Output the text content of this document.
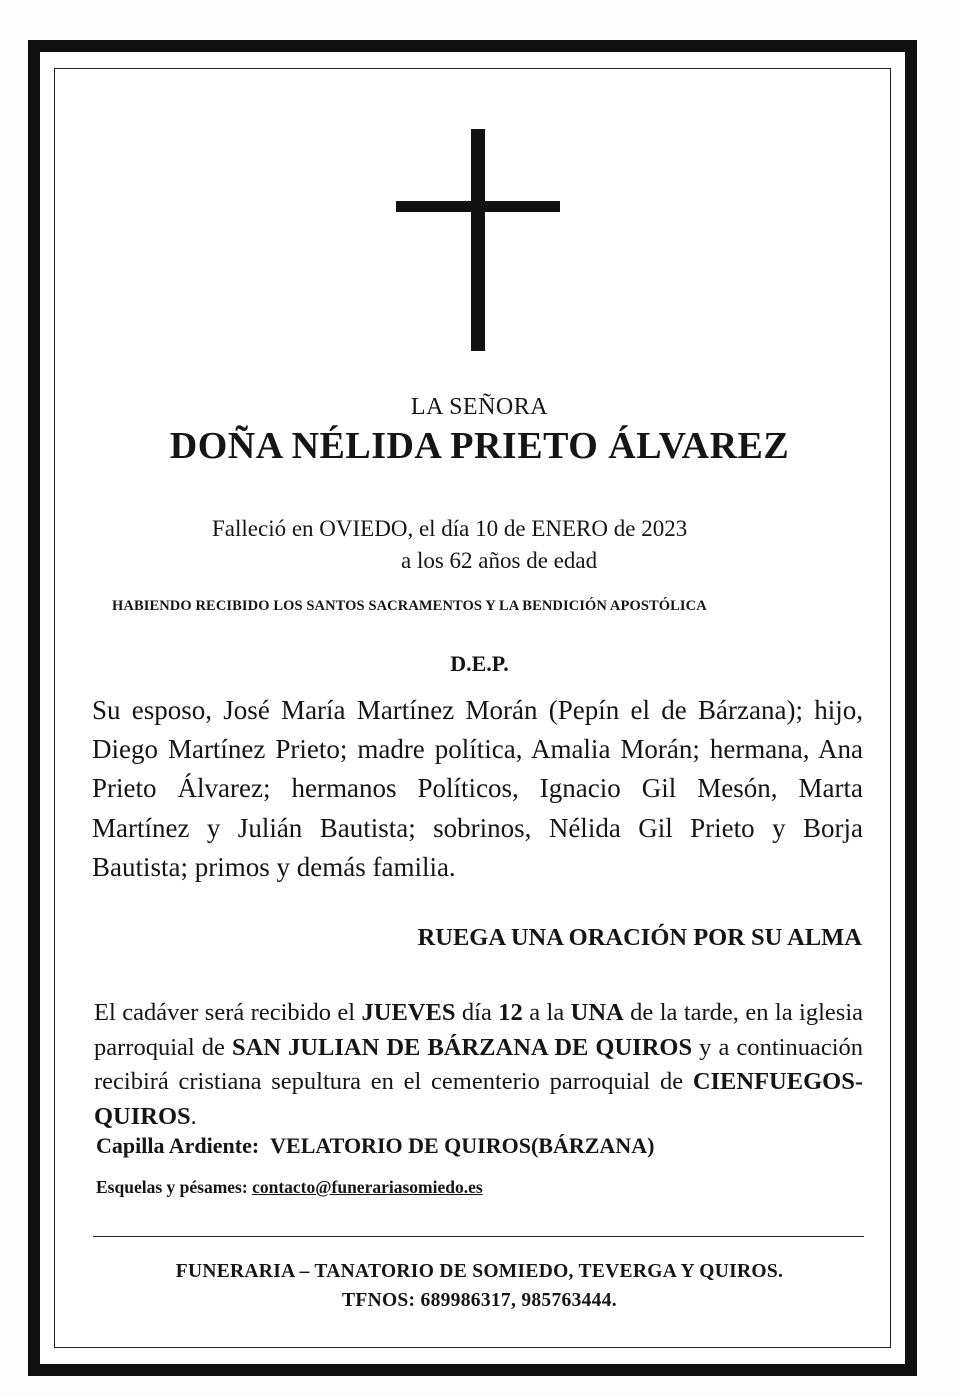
LA SEÑORA
DOÑA NÉLIDA PRIETO ÁLVAREZ
Falleció en OVIEDO, el día 10 de ENERO de 2023
a los 62 años de edad
HABIENDO RECIBIDO LOS SANTOS SACRAMENTOS Y LA BENDICIÓN APOSTÓLICA
D.E.P.
Su esposo, José María Martínez Morán (Pepín el de Bárzana); hijo, Diego Martínez Prieto; madre política, Amalia Morán; hermana, Ana Prieto Álvarez; hermanos Políticos, Ignacio Gil Mesón, Marta Martínez y Julián Bautista; sobrinos, Nélida Gil Prieto y Borja Bautista; primos y demás familia.
RUEGA UNA ORACIÓN POR SU ALMA
El cadáver será recibido el JUEVES día 12 a la UNA de la tarde, en la iglesia parroquial de SAN JULIAN DE BÁRZANA DE QUIROS y a continuación recibirá cristiana sepultura en el cementerio parroquial de CIENFUEGOS-QUIROS.
Capilla Ardiente: VELATORIO DE QUIROS(BÁRZANA)
Esquelas y pésames: contacto@funerariasomiedo.es
FUNERARIA – TANATORIO DE SOMIEDO, TEVERGA Y QUIROS.
TFNOS: 689986317, 985763444.
